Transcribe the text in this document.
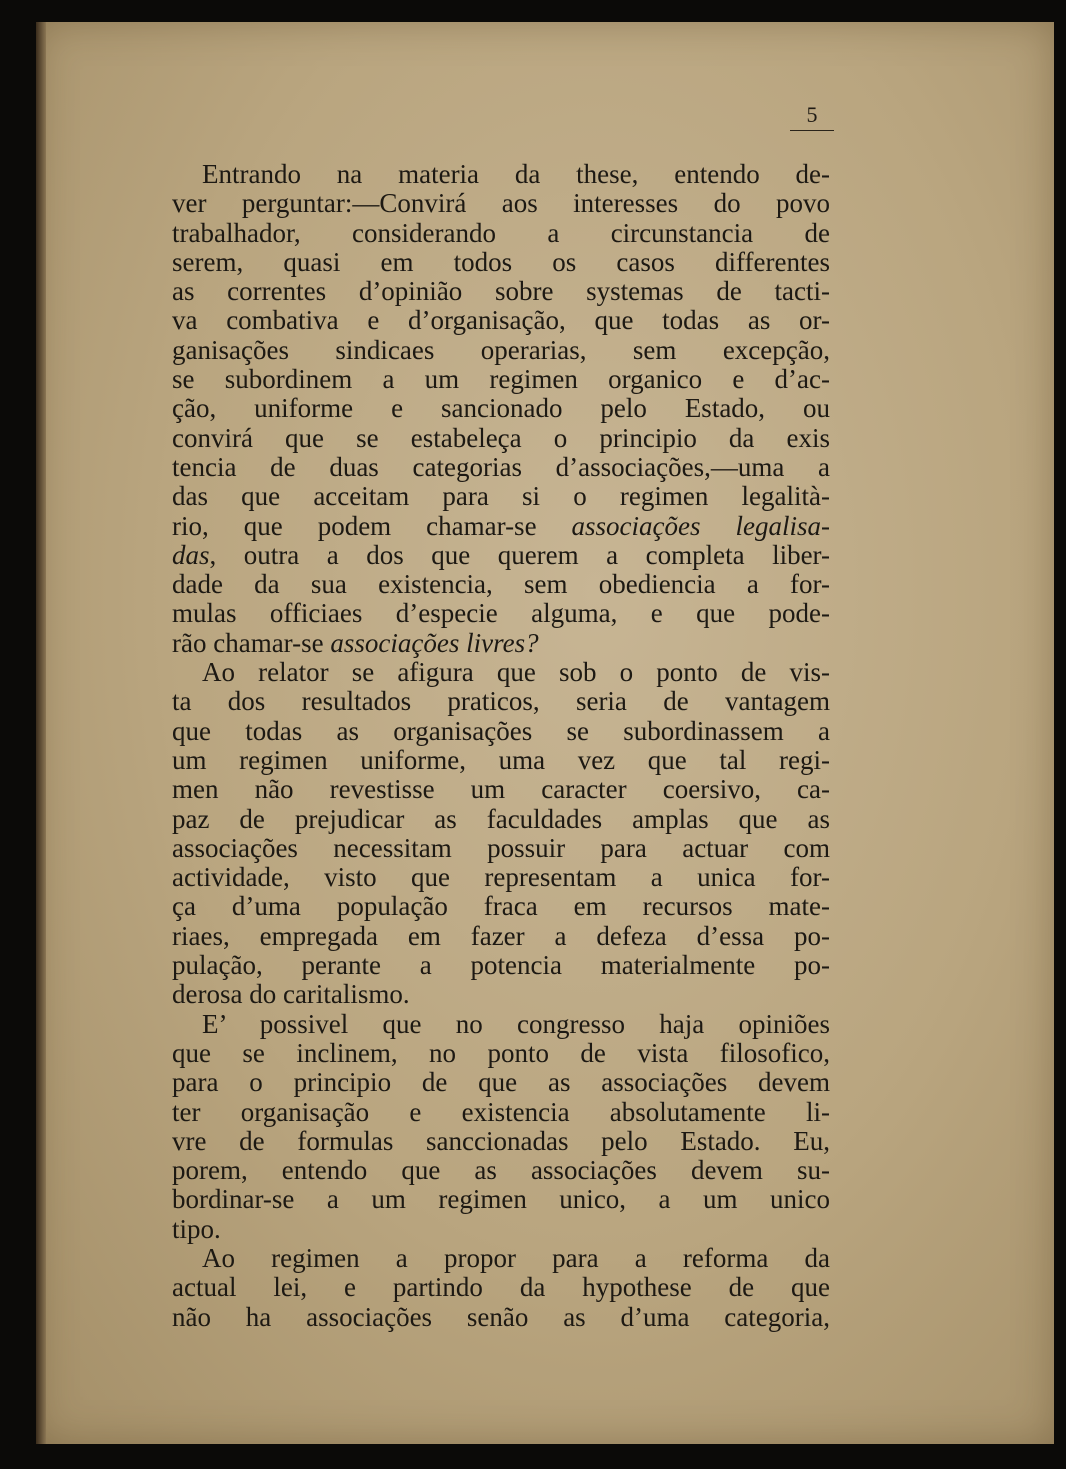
5
Entrando na materia da these, entendo de-
ver perguntar:—Convirá aos interesses do povo
trabalhador, considerando a circunstancia de
serem, quasi em todos os casos differentes
as correntes d’opinião sobre systemas de tacti-
va combativa e d’organisação, que todas as or-
ganisações sindicaes operarias, sem excepção,
se subordinem a um regimen organico e d’ac-
ção, uniforme e sancionado pelo Estado, ou
convirá que se estabeleça o principio da exis
tencia de duas categorias d’associações,—uma a
das que acceitam para si o regimen legalità-
rio, que podem chamar-se associações legalisa-
das, outra a dos que querem a completa liber-
dade da sua existencia, sem obediencia a for-
mulas officiaes d’especie alguma, e que pode-
rão chamar-se associações livres?
Ao relator se afigura que sob o ponto de vis-
ta dos resultados praticos, seria de vantagem
que todas as organisações se subordinassem a
um regimen uniforme, uma vez que tal regi-
men não revestisse um caracter coersivo, ca-
paz de prejudicar as faculdades amplas que as
associações necessitam possuir para actuar com
actividade, visto que representam a unica for-
ça d’uma população fraca em recursos mate-
riaes, empregada em fazer a defeza d’essa po-
pulação, perante a potencia materialmente po-
derosa do caritalismo.
E’ possivel que no congresso haja opiniões
que se inclinem, no ponto de vista filosofico,
para o principio de que as associações devem
ter organisação e existencia absolutamente li-
vre de formulas sanccionadas pelo Estado. Eu,
porem, entendo que as associações devem su-
bordinar-se a um regimen unico, a um unico
tipo.
Ao regimen a propor para a reforma da
actual lei, e partindo da hypothese de que
não ha associações senão as d’uma categoria,
